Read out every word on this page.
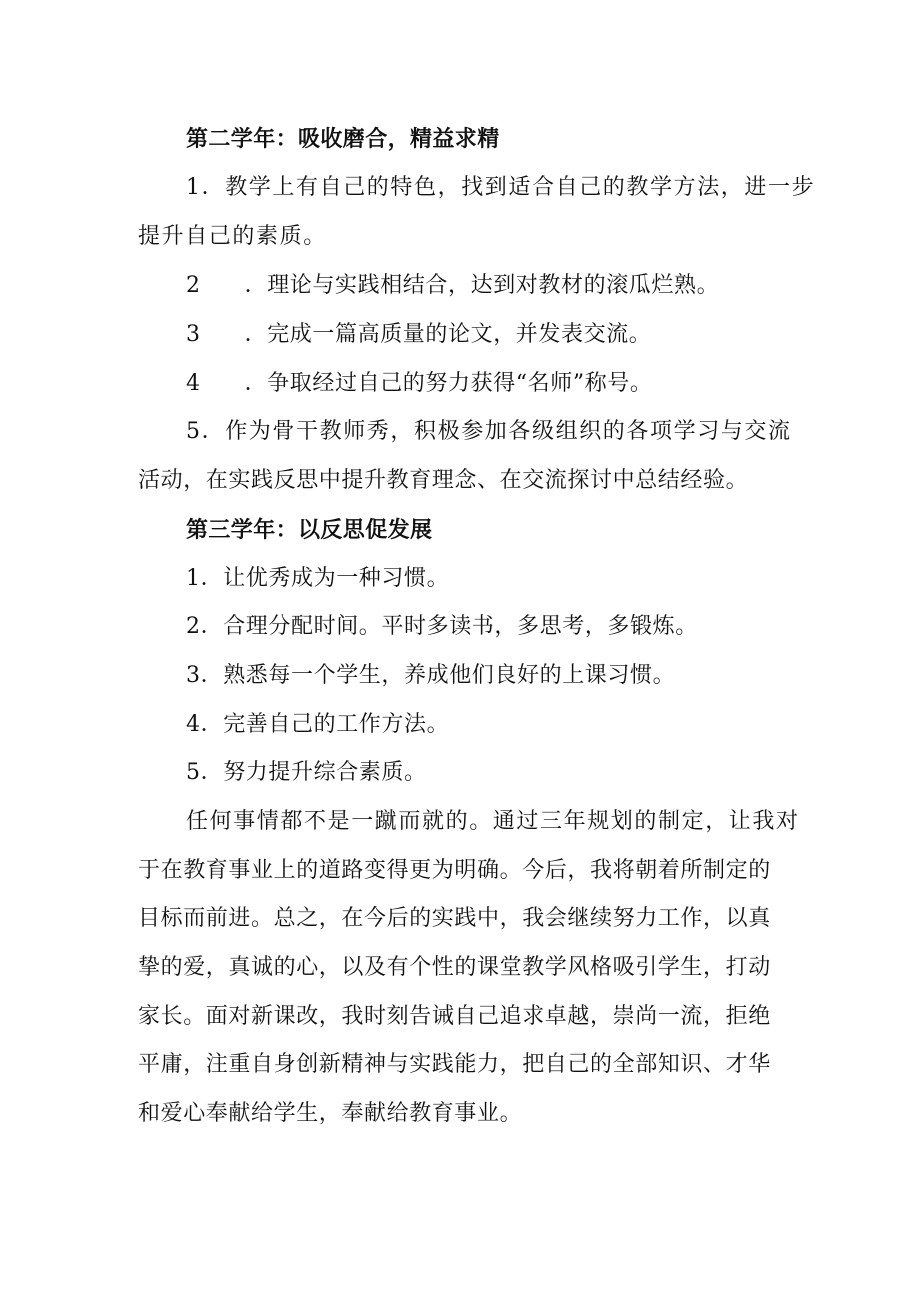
第二学年：吸收磨合，精益求精
1．教学上有自己的特色，找到适合自己的教学方法，进一步
提升自己的素质。
2 ．理论与实践相结合，达到对教材的滚瓜烂熟。
3 ．完成一篇高质量的论文，并发表交流。
4 ．争取经过自己的努力获得“名师”称号。
5．作为骨干教师秀，积极参加各级组织的各项学习与交流
活动，在实践反思中提升教育理念、在交流探讨中总结经验。
第三学年：以反思促发展
1．让优秀成为一种习惯。
2．合理分配时间。平时多读书，多思考，多锻炼。
3．熟悉每一个学生，养成他们良好的上课习惯。
4．完善自己的工作方法。
5．努力提升综合素质。
任何事情都不是一蹴而就的。通过三年规划的制定，让我对
于在教育事业上的道路变得更为明确。今后，我将朝着所制定的
目标而前进。总之，在今后的实践中，我会继续努力工作，以真
挚的爱，真诚的心，以及有个性的课堂教学风格吸引学生，打动
家长。面对新课改，我时刻告诫自己追求卓越，崇尚一流，拒绝
平庸，注重自身创新精神与实践能力，把自己的全部知识、才华
和爱心奉献给学生，奉献给教育事业。
